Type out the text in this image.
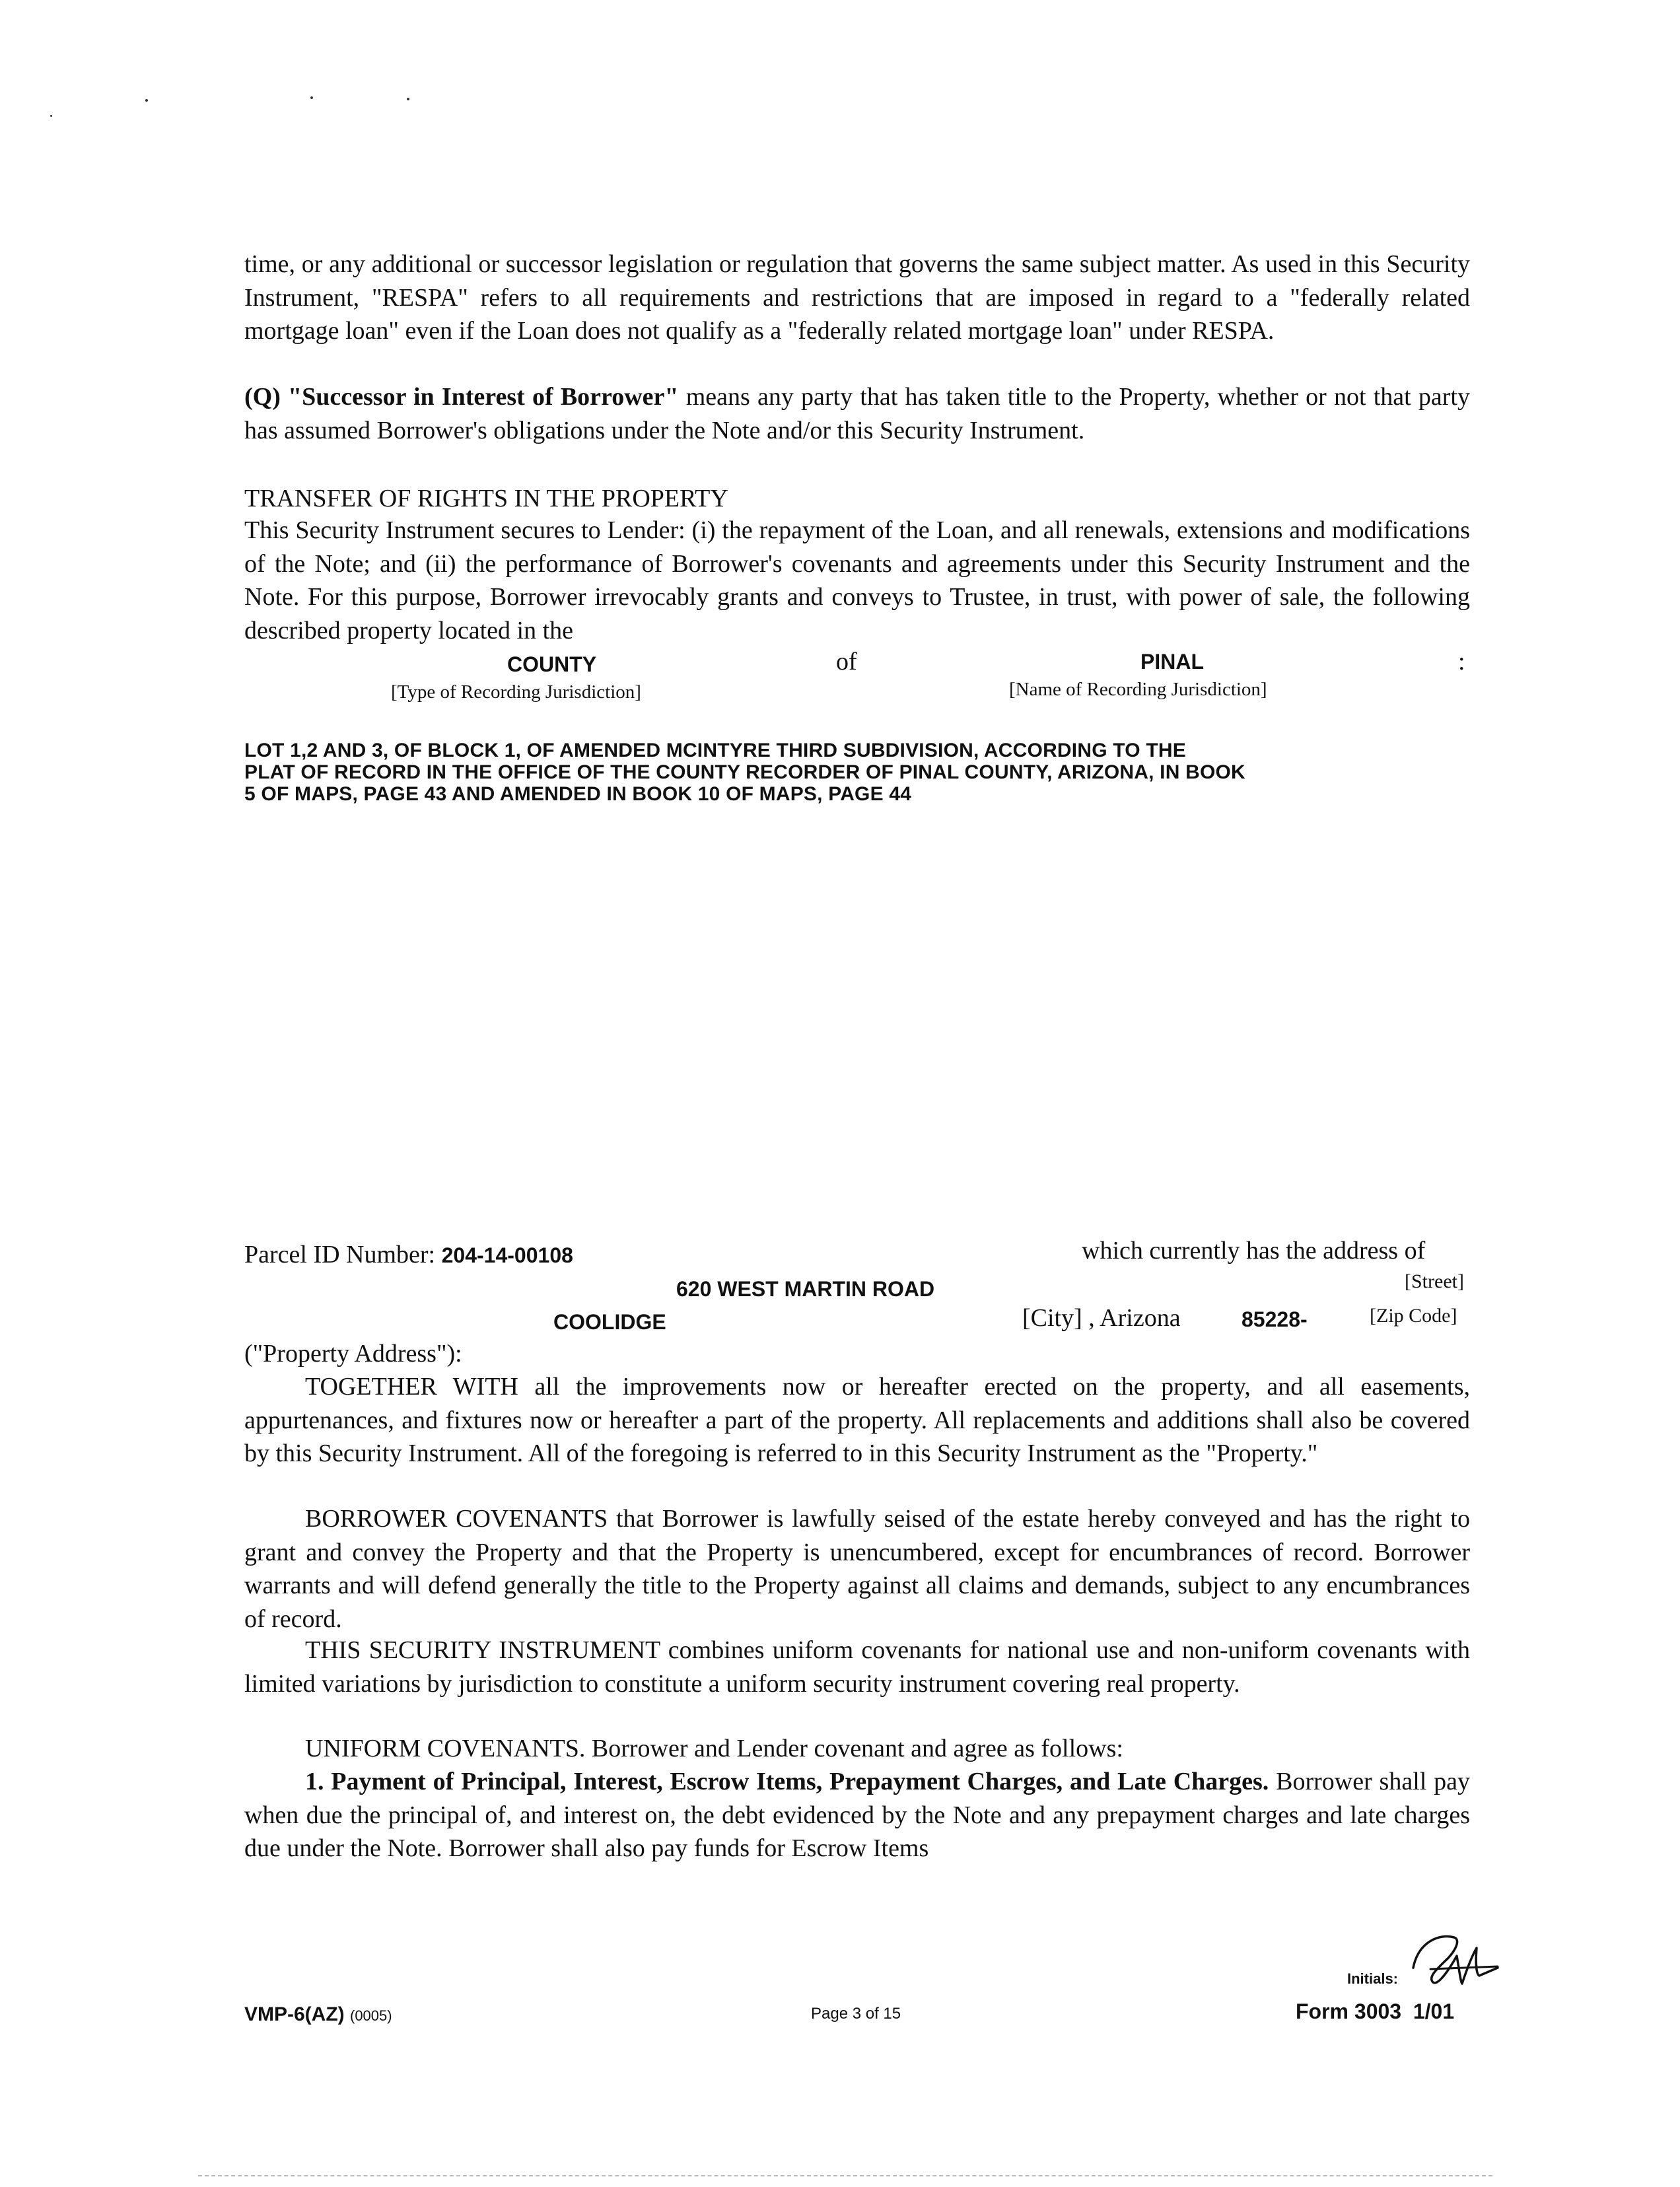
time, or any additional or successor legislation or regulation that governs the same subject matter. As used in this Security Instrument, "RESPA" refers to all requirements and restrictions that are imposed in regard to a "federally related mortgage loan" even if the Loan does not qualify as a "federally related mortgage loan" under RESPA.
(Q) "Successor in Interest of Borrower" means any party that has taken title to the Property, whether or not that party has assumed Borrower's obligations under the Note and/or this Security Instrument.
TRANSFER OF RIGHTS IN THE PROPERTY
This Security Instrument secures to Lender: (i) the repayment of the Loan, and all renewals, extensions and modifications of the Note; and (ii) the performance of Borrower's covenants and agreements under this Security Instrument and the Note. For this purpose, Borrower irrevocably grants and conveys to Trustee, in trust, with power of sale, the following described property located in the
COUNTY	of	PINAL	:
[Type of Recording Jurisdiction]	[Name of Recording Jurisdiction]
LOT 1,2 AND 3, OF BLOCK 1, OF AMENDED MCINTYRE THIRD SUBDIVISION, ACCORDING TO THE
PLAT OF RECORD IN THE OFFICE OF THE COUNTY RECORDER OF PINAL COUNTY, ARIZONA, IN BOOK
5 OF MAPS, PAGE 43 AND AMENDED IN BOOK 10 OF MAPS, PAGE 44
Parcel ID Number: 204-14-00108	which currently has the address of
620 WEST MARTIN ROAD	[Street]
COOLIDGE	[City] , Arizona	85228-	[Zip Code]
("Property Address"):
TOGETHER WITH all the improvements now or hereafter erected on the property, and all easements, appurtenances, and fixtures now or hereafter a part of the property. All replacements and additions shall also be covered by this Security Instrument. All of the foregoing is referred to in this Security Instrument as the "Property."
BORROWER COVENANTS that Borrower is lawfully seised of the estate hereby conveyed and has the right to grant and convey the Property and that the Property is unencumbered, except for encumbrances of record. Borrower warrants and will defend generally the title to the Property against all claims and demands, subject to any encumbrances of record.
THIS SECURITY INSTRUMENT combines uniform covenants for national use and non-uniform covenants with limited variations by jurisdiction to constitute a uniform security instrument covering real property.
UNIFORM COVENANTS. Borrower and Lender covenant and agree as follows:
1. Payment of Principal, Interest, Escrow Items, Prepayment Charges, and Late Charges. Borrower shall pay when due the principal of, and interest on, the debt evidenced by the Note and any prepayment charges and late charges due under the Note. Borrower shall also pay funds for Escrow Items
Initials:
VMP-6(AZ) (0005)	Page 3 of 15	Form 3003  1/01
